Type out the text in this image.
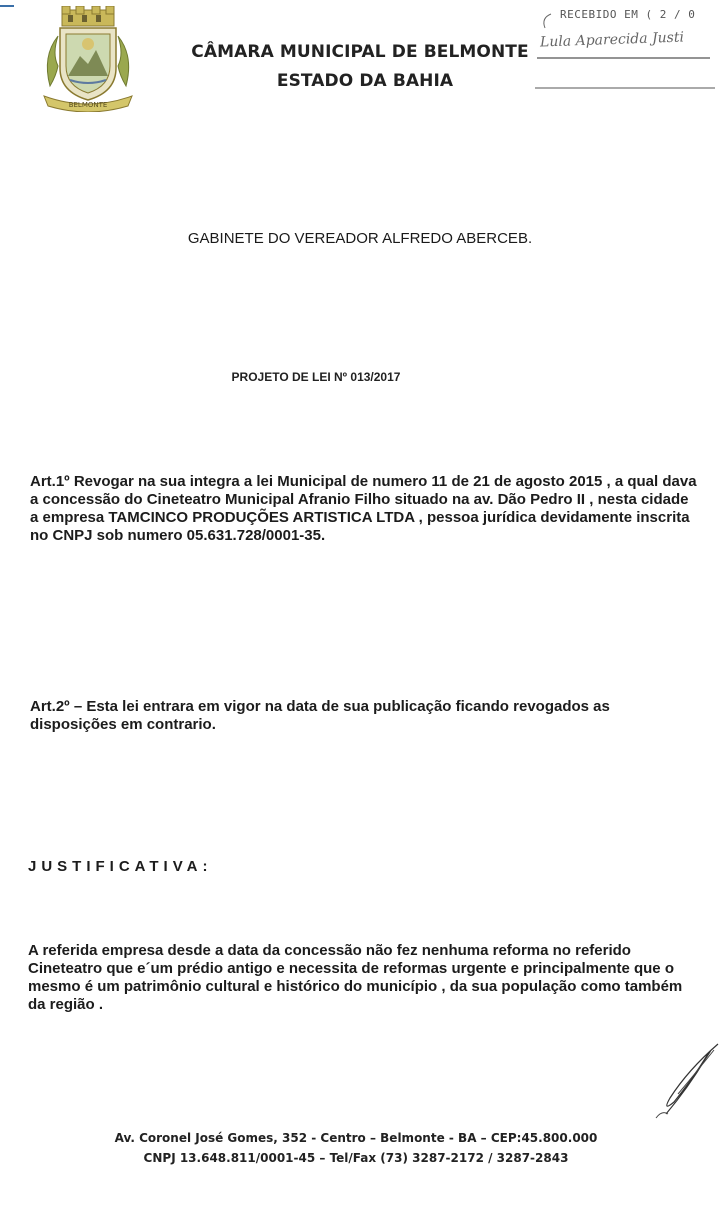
BELMONTE
CÂMARA MUNICIPAL DE BELMONTE
ESTADO DA BAHIA
RECEBIDO EM ( 2 / 0
Lula Aparecida Justi
GABINETE DO VEREADOR ALFREDO ABERCEB.
PROJETO DE LEI Nº 013/2017
Art.1º Revogar na sua integra a lei Municipal de numero 11 de 21 de agosto 2015 , a qual dava a concessão do Cineteatro Municipal Afranio Filho situado na av. Dão Pedro II , nesta cidade a empresa TAMCINCO PRODUÇÕES ARTISTICA LTDA , pessoa jurídica devidamente inscrita no CNPJ sob numero 05.631.728/0001-35.
Art.2º – Esta lei entrara em vigor na data de sua publicação ficando revogados as disposições em contrario.
JUSTIFICATIVA:
A referida empresa desde a data da concessão não fez nenhuma reforma no referido Cineteatro que e´um prédio antigo e necessita de reformas urgente e principalmente que o mesmo é um patrimônio cultural e histórico do município , da sua população como também da região .
Av. Coronel José Gomes, 352 - Centro – Belmonte - BA – CEP:45.800.000
CNPJ 13.648.811/0001-45 – Tel/Fax (73) 3287-2172 / 3287-2843
